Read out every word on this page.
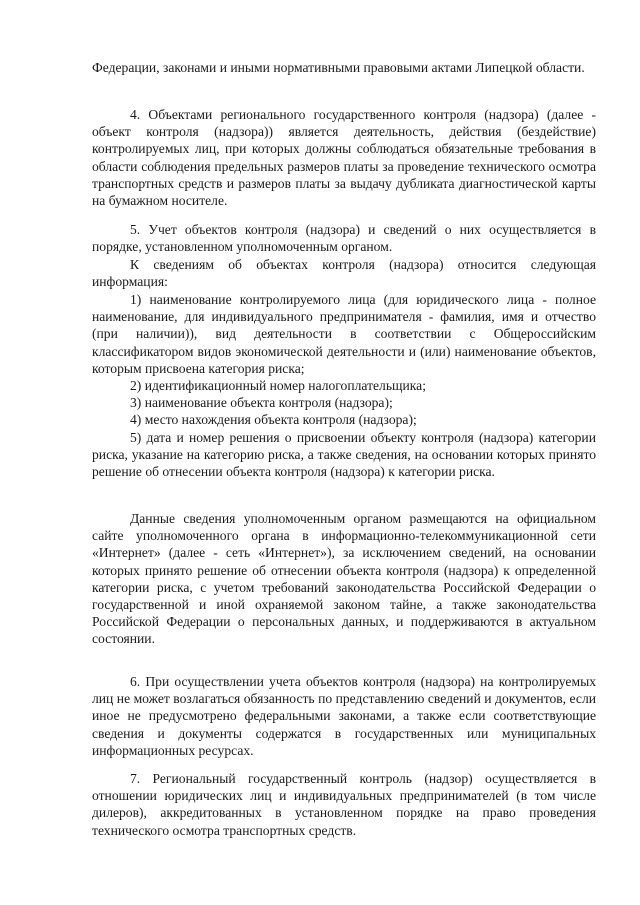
Федерации, законами и иными нормативными правовыми актами Липецкой области.

4. Объектами регионального государственного контроля (надзора) (далее - объект контроля (надзора)) является деятельность, действия (бездействие) контролируемых лиц, при которых должны соблюдаться обязательные требования в области соблюдения предельных размеров платы за проведение технического осмотра транспортных средств и размеров платы за выдачу дубликата диагностической карты на бумажном носителе.

5. Учет объектов контроля (надзора) и сведений о них осуществляется в порядке, установленном уполномоченным органом.

К сведениям об объектах контроля (надзора) относится следующая информация:

1) наименование контролируемого лица (для юридического лица - полное наименование, для индивидуального предпринимателя - фамилия, имя и отчество (при наличии)), вид деятельности в соответствии с Общероссийским классификатором видов экономической деятельности и (или) наименование объектов, которым присвоена категория риска;

2) идентификационный номер налогоплательщика;

3) наименование объекта контроля (надзора);

4) место нахождения объекта контроля (надзора);

5) дата и номер решения о присвоении объекту контроля (надзора) категории риска, указание на категорию риска, а также сведения, на основании которых принято решение об отнесении объекта контроля (надзора) к категории риска.

Данные сведения уполномоченным органом размещаются на официальном сайте уполномоченного органа в информационно-телекоммуникационной сети «Интернет» (далее - сеть «Интернет»), за исключением сведений, на основании которых принято решение об отнесении объекта контроля (надзора) к определенной категории риска, с учетом требований законодательства Российской Федерации о государственной и иной охраняемой законом тайне, а также законодательства Российской Федерации о персональных данных, и поддерживаются в актуальном состоянии.

6. При осуществлении учета объектов контроля (надзора) на контролируемых лиц не может возлагаться обязанность по представлению сведений и документов, если иное не предусмотрено федеральными законами, а также если соответствующие сведения и документы содержатся в государственных или муниципальных информационных ресурсах.

7. Региональный государственный контроль (надзор) осуществляется в отношении юридических лиц и индивидуальных предпринимателей (в том числе дилеров), аккредитованных в установленном порядке на право проведения технического осмотра транспортных средств.
